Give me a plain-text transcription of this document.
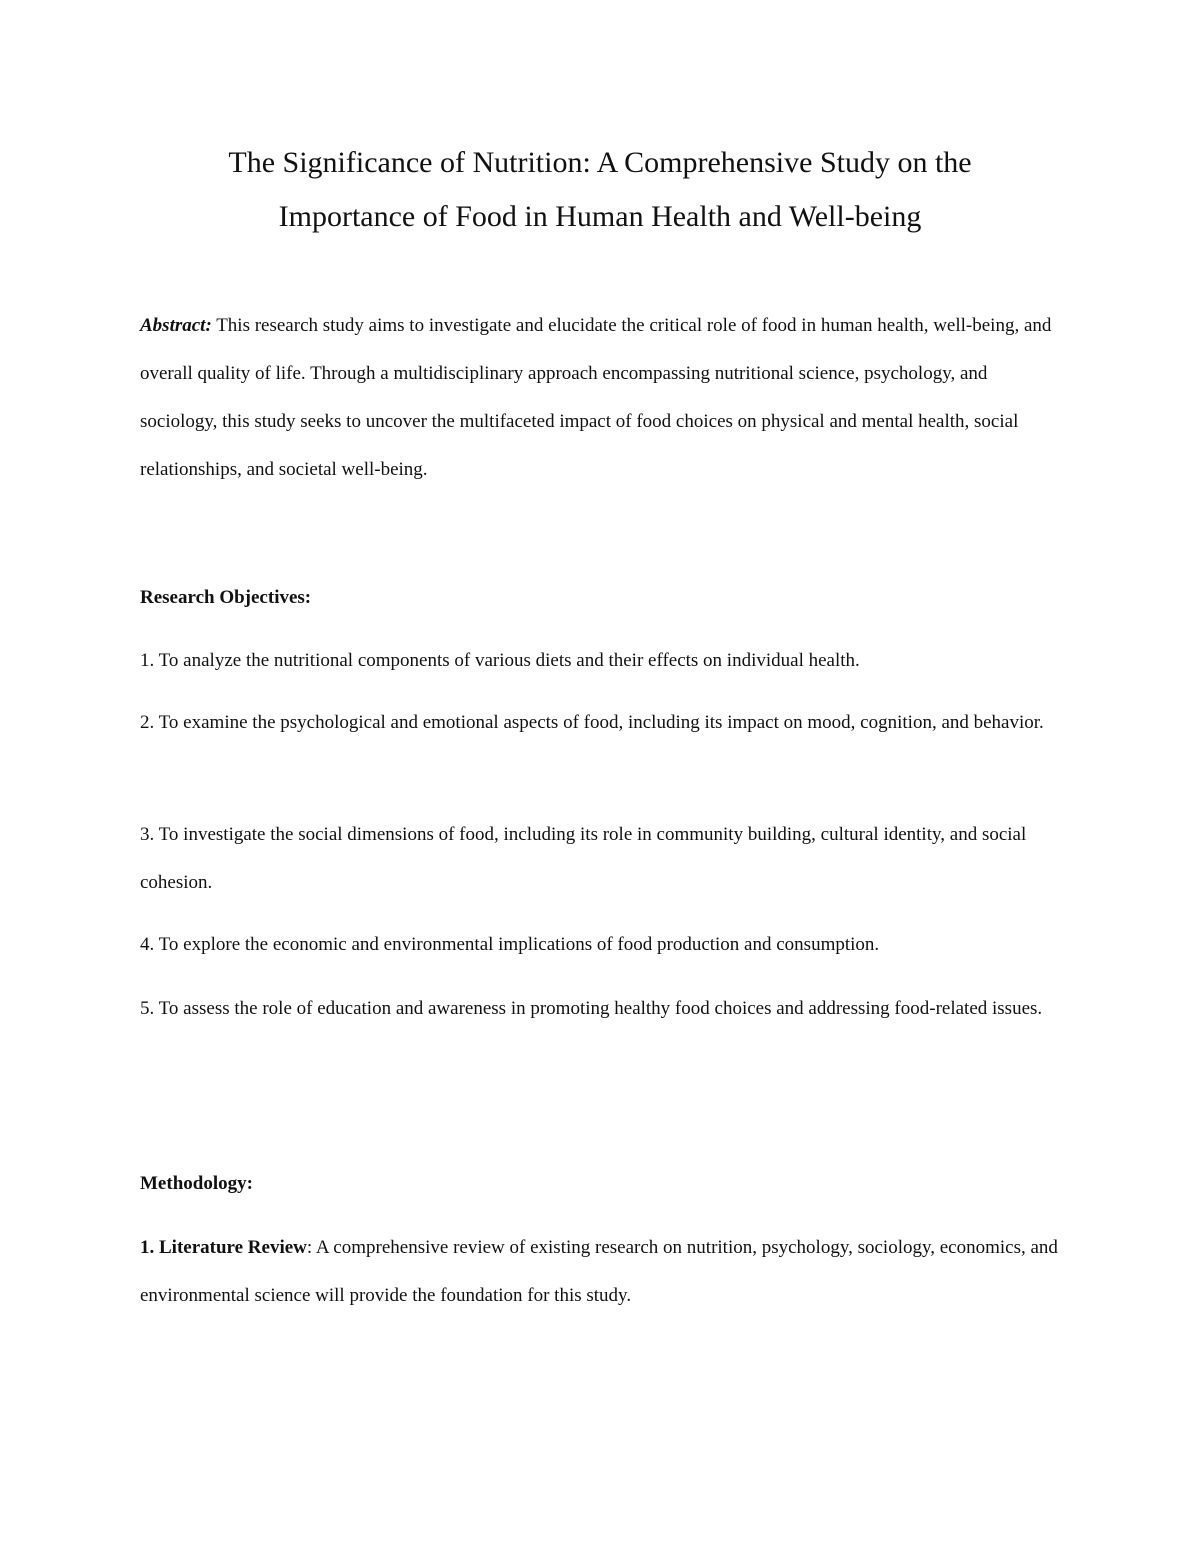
The Significance of Nutrition: A Comprehensive Study on the
Importance of Food in Human Health and Well-being

Abstract: This research study aims to investigate and elucidate the critical role of food in human health, well-being, and overall quality of life. Through a multidisciplinary approach encompassing nutritional science, psychology, and sociology, this study seeks to uncover the multifaceted impact of food choices on physical and mental health, social relationships, and societal well-being.

Research Objectives:

1. To analyze the nutritional components of various diets and their effects on individual health.

2. To examine the psychological and emotional aspects of food, including its impact on mood, cognition, and behavior.

3. To investigate the social dimensions of food, including its role in community building, cultural identity, and social cohesion.

4. To explore the economic and environmental implications of food production and consumption.

5. To assess the role of education and awareness in promoting healthy food choices and addressing food-related issues.

Methodology:

1. Literature Review: A comprehensive review of existing research on nutrition, psychology, sociology, economics, and environmental science will provide the foundation for this study.
